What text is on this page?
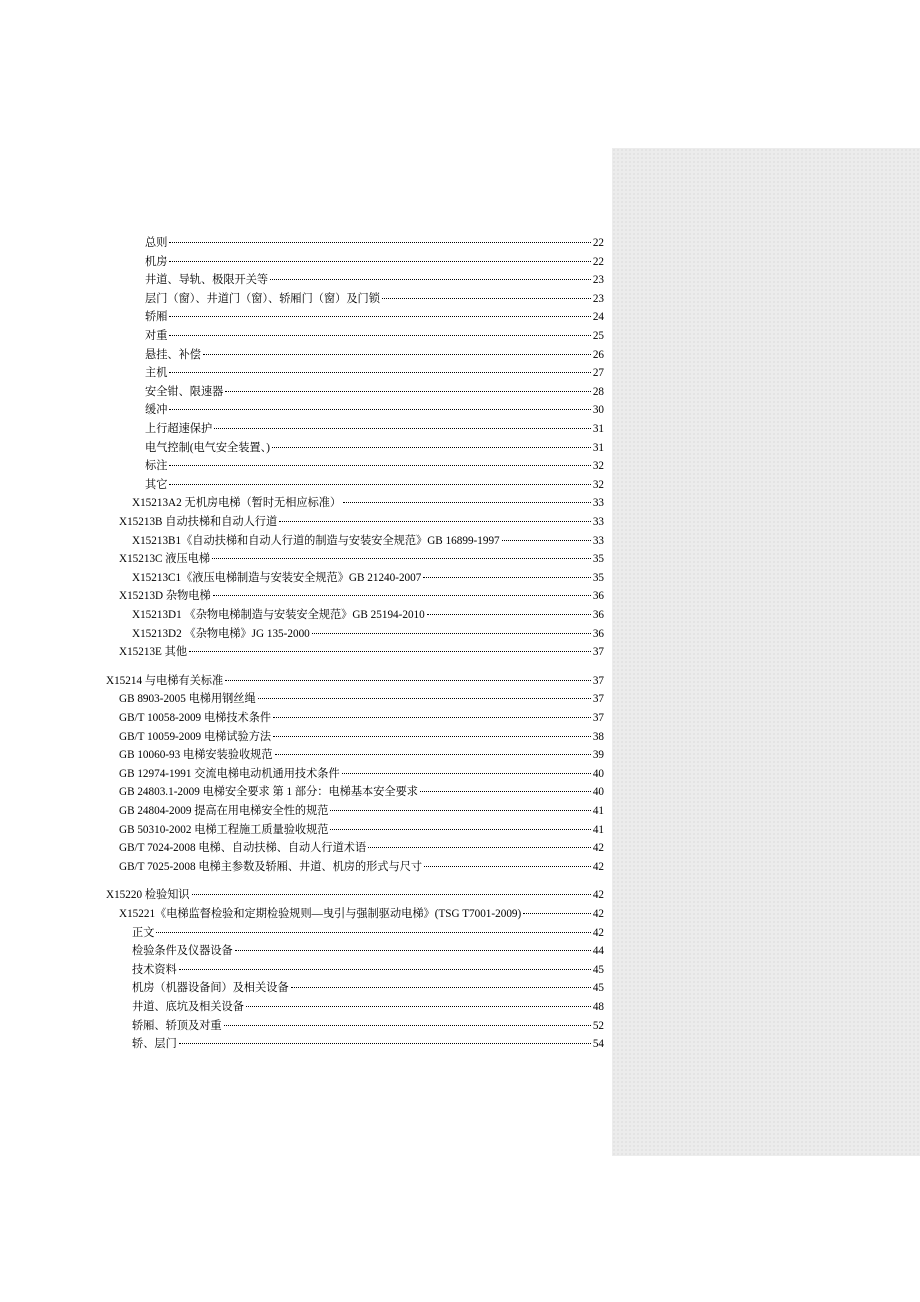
总则	22
机房	22
井道、导轨、极限开关等	23
层门（窗）、井道门（窗）、轿厢门（窗）及门锁	23
轿厢	24
对重	25
悬挂、补偿	26
主机	27
安全钳、限速器	28
缓冲	30
上行超速保护	31
电气控制(电气安全装置、)	31
标注	32
其它	32
X15213A2 无机房电梯（暂时无相应标准）	33
X15213B 自动扶梯和自动人行道	33
X15213B1《自动扶梯和自动人行道的制造与安装安全规范》GB 16899-1997	33
X15213C 液压电梯	35
X15213C1《液压电梯制造与安装安全规范》GB 21240-2007	35
X15213D 杂物电梯	36
X15213D1 《杂物电梯制造与安装安全规范》GB 25194-2010	36
X15213D2 《杂物电梯》JG 135-2000	36
X15213E 其他	37
X15214 与电梯有关标准	37
GB 8903-2005 电梯用钢丝绳	37
GB/T 10058-2009 电梯技术条件	37
GB/T 10059-2009 电梯试验方法	38
GB 10060-93 电梯安装验收规范	39
GB 12974-1991 交流电梯电动机通用技术条件	40
GB 24803.1-2009 电梯安全要求 第 1 部分：电梯基本安全要求	40
GB 24804-2009 提高在用电梯安全性的规范	41
GB 50310-2002 电梯工程施工质量验收规范	41
GB/T 7024-2008 电梯、自动扶梯、自动人行道术语	42
GB/T 7025-2008 电梯主参数及轿厢、井道、机房的形式与尺寸	42
X15220 检验知识	42
X15221《电梯监督检验和定期检验规则—曳引与强制驱动电梯》(TSG T7001-2009)	42
正文	42
检验条件及仪器设备	44
技术资料	45
机房（机器设备间）及相关设备	45
井道、底坑及相关设备	48
轿厢、轿顶及对重	52
轿、层门	54
